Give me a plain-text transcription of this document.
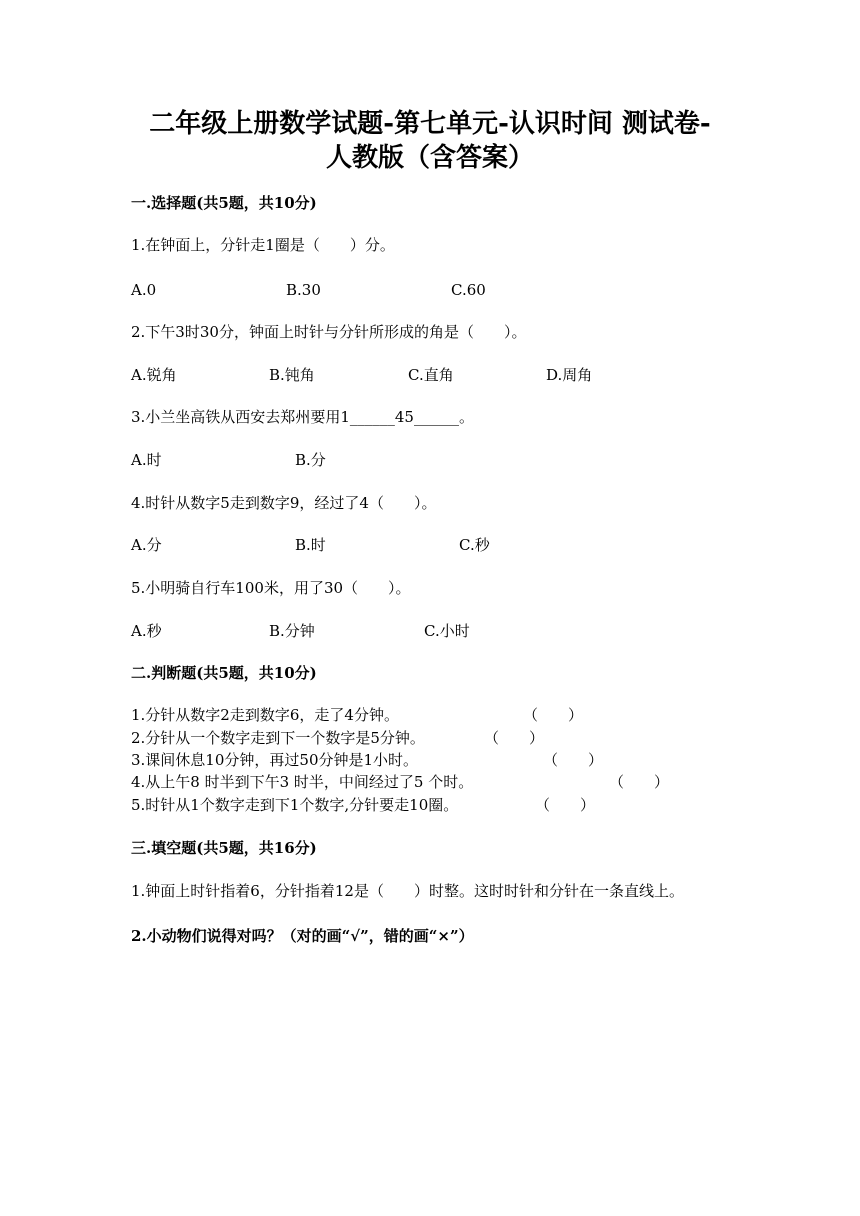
二年级上册数学试题-第七单元-认识时间 测试卷-
人教版（含答案）
一.选择题(共5题，共10分)
1.在钟面上，分针走1圈是（　　）分。
A.0	B.30	C.60
2.下午3时30分，钟面上时针与分针所形成的角是（　　）。
A.锐角	B.钝角	C.直角	D.周角
3.小兰坐高铁从西安去郑州要用1______45______。
A.时	B.分
4.时针从数字5走到数字9，经过了4（　　）。
A.分	B.时	C.秒
5.小明骑自行车100米，用了30（　　）。
A.秒	B.分钟	C.小时
二.判断题(共5题，共10分)
1.分针从数字2走到数字6，走了4分钟。	（　　）
2.分针从一个数字走到下一个数字是5分钟。	（　　）
3.课间休息10分钟，再过50分钟是1小时。	（　　）
4.从上午8 时半到下午3 时半，中间经过了5 个时。	（　　）
5.时针从1个数字走到下1个数字,分针要走10圈。	（　　）
三.填空题(共5题，共16分)
1.钟面上时针指着6，分针指着12是（　　）时整。这时时针和分针在一条直线上。
2.小动物们说得对吗？（对的画“√”，错的画“×”）
